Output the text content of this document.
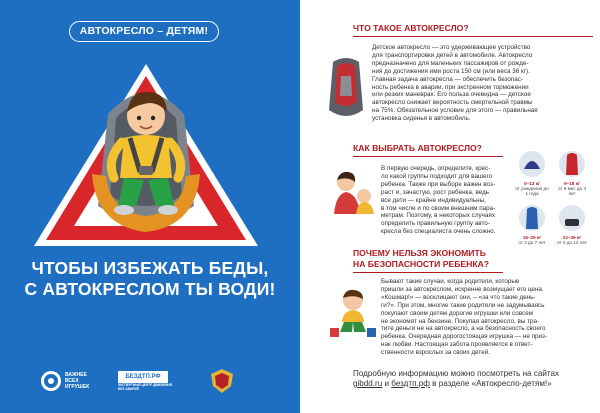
АВТОКРЕСЛО – ДЕТЯМ!
ЧТОБЫ ИЗБЕЖАТЬ БЕДЫ,
С АВТОКРЕСЛОМ ТЫ ВОДИ!
ВАЖНЕЕ
ВСЕХ
ИГРУШЕК
БЕЗДТП.РФ
ЭКСПЕРТНЫЙ ЦЕНТР ДВИЖЕНИЯ БЕЗ АВАРИЙ
ЧТО ТАКОЕ АВТОКРЕСЛО?
Детское автокресло — это удерживающее устройство
для транспортировки детей в автомобиле. Автокресло
предназначено для маленьких пассажиров от рожде-
ния до достижения ими роста 150 см (или веса 36 кг).
Главная задача автокресла — обеспечить безопас-
ность ребенка в аварии, при экстренном торможении
или резких маневрах. Его польза очевидна — детское
автокресло снижает вероятность смертельной травмы
на 75%. Обязательное условие для этого — правильная
установка сиденья в автомобиль.
КАК ВЫБРАТЬ АВТОКРЕСЛО?
В первую очередь, определите, крес-
ло какой группы подходит для вашего
ребенка. Также при выборе важен воз-
раст и, зачастую, рост ребенка, ведь
все дети — крайне индивидуальны,
в том числе и по своим внешним пара-
метрам. Поэтому, в некоторых случаях
определить правильную группу авто-
кресла без специалиста очень сложно.
0–13 кг
от рождения до 1 года
9–18 кг
от 9 мес до 4 лет
15–25 кг
от 3 до 7 лет
22–36 кг
от 6 до 12 лет
ПОЧЕМУ НЕЛЬЗЯ ЭКОНОМИТЬ
НА БЕЗОПАСНОСТИ РЕБЕНКА?
Бывают такие случаи, когда родители, которые
пришли за автокреслом, искренне возмущает его цена.
«Кошмар!» — восклицают они, – «за что такие день-
ги?». При этом, многие такие родители не задумываясь
покупают своим детям дорогие игрушки или совсем
не экономят на бензине. Покупая автокресло, вы тра-
тите деньги не на автокресло, а на безопасность своего
ребенка. Очередная дорогостоящая игрушка — не приз-
нак любви. Настоящая забота проявляется в ответ-
ственности взрослых за своих детей.
Подробную информацию можно посмотреть на сайтах
gibdd.ru и бездтп.рф в разделе «Автокресло-детям!»
